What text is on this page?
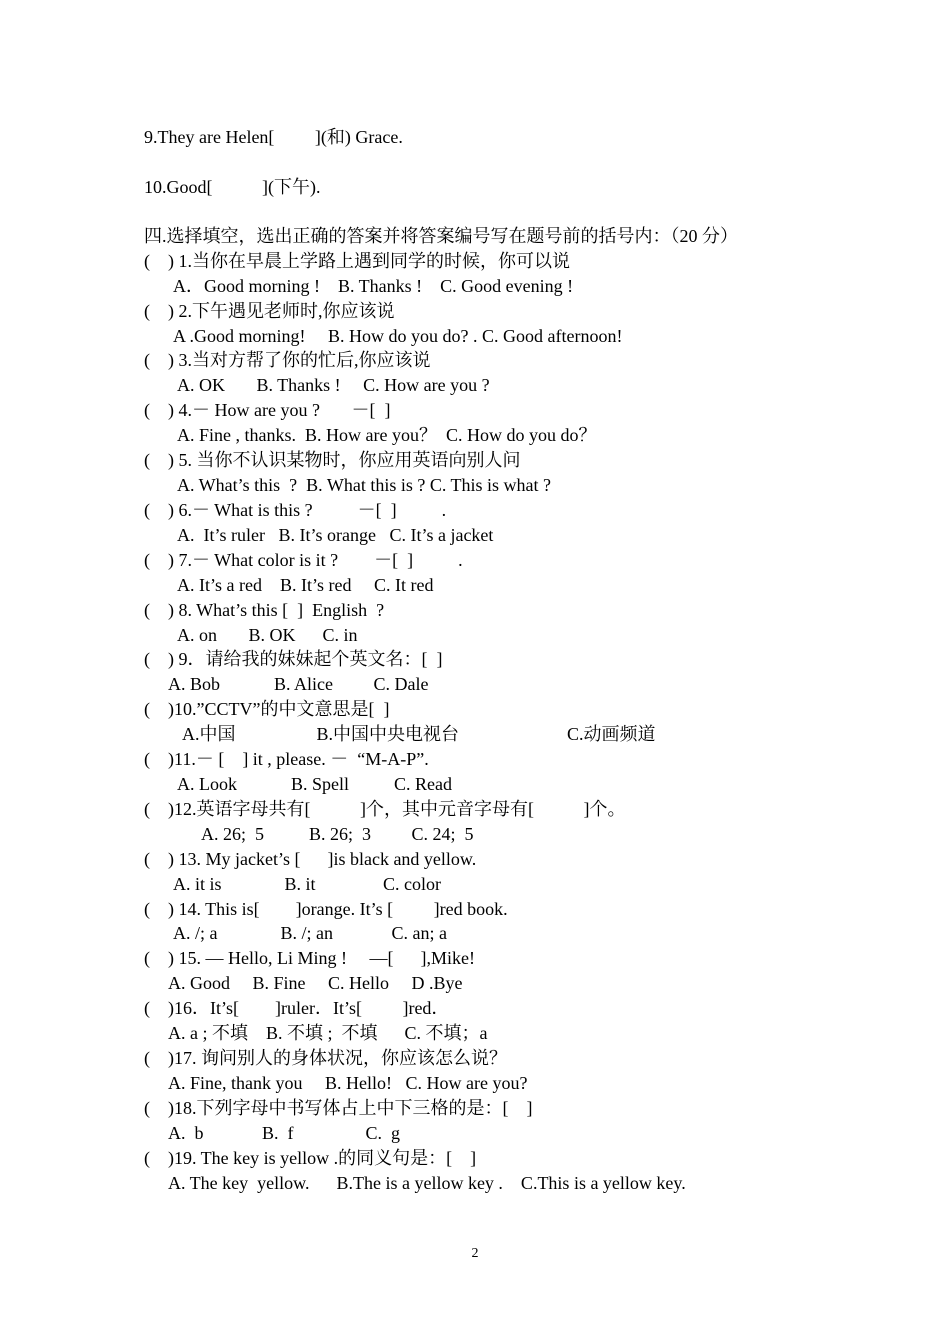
9.They are Helen[         ](和) Grace.
10.Good[           ](下午).
四.选择填空，选出正确的答案并将答案编号写在题号前的括号内：（20 分）
(    ) 1.当你在早晨上学路上遇到同学的时候，你可以说
A．Good morning !    B. Thanks !    C. Good evening !
(    ) 2.下午遇见老师时,你应该说
A .Good morning!     B. How do you do? . C. Good afternoon!
(    ) 3.当对方帮了你的忙后,你应该说
A. OK       B. Thanks !     C. How are you ?
(    ) 4.－ How are you ?       －[  ]
A. Fine , thanks.  B. How are you？  C. How do you do？
(    ) 5. 当你不认识某物时，你应用英语向别人问
A. What’s this  ?  B. What this is ? C. This is what ?
(    ) 6.－ What is this ?          －[  ]          .
A.  It’s ruler   B. It’s orange   C. It’s a jacket
(    ) 7.－ What color is it ?        －[  ]          .
A. It’s a red    B. It’s red     C. It red
(    ) 8. What’s this [  ]  English  ?
A. on       B. OK      C. in
(    ) 9．请给我的妹妹起个英文名：[  ]
A. Bob            B. Alice         C. Dale
(    )10.”CCTV”的中文意思是[  ]
A.中国                  B.中国中央电视台                        C.动画频道
(    )11.－ [    ] it , please. －  “M-A-P”.
A. Look            B. Spell          C. Read
(    )12.英语字母共有[           ]个，其中元音字母有[           ]个。
A. 26;  5          B. 26;  3         C. 24;  5
(    ) 13. My jacket’s [      ]is black and yellow.
A. it is              B. it               C. color
(    ) 14. This is[        ]orange. It’s [         ]red book.
A. /; a              B. /; an             C. an; a
(    ) 15. — Hello, Li Ming !     —[      ],Mike!
A. Good     B. Fine     C. Hello     D .Bye
(    )16．It’s[        ]ruler．It’s[         ]red．
A. a ; 不填    B. 不填 ;  不填      C. 不填；a
(    )17. 询问别人的身体状况，你应该怎么说？
A. Fine, thank you     B. Hello!   C. How are you?
(    )18.下列字母中书写体占上中下三格的是：[    ]
A.  b             B.  f                C.  g
(    )19. The key is yellow .的同义句是：[    ]
A. The key  yellow.      B.The is a yellow key .    C.This is a yellow key.
2
